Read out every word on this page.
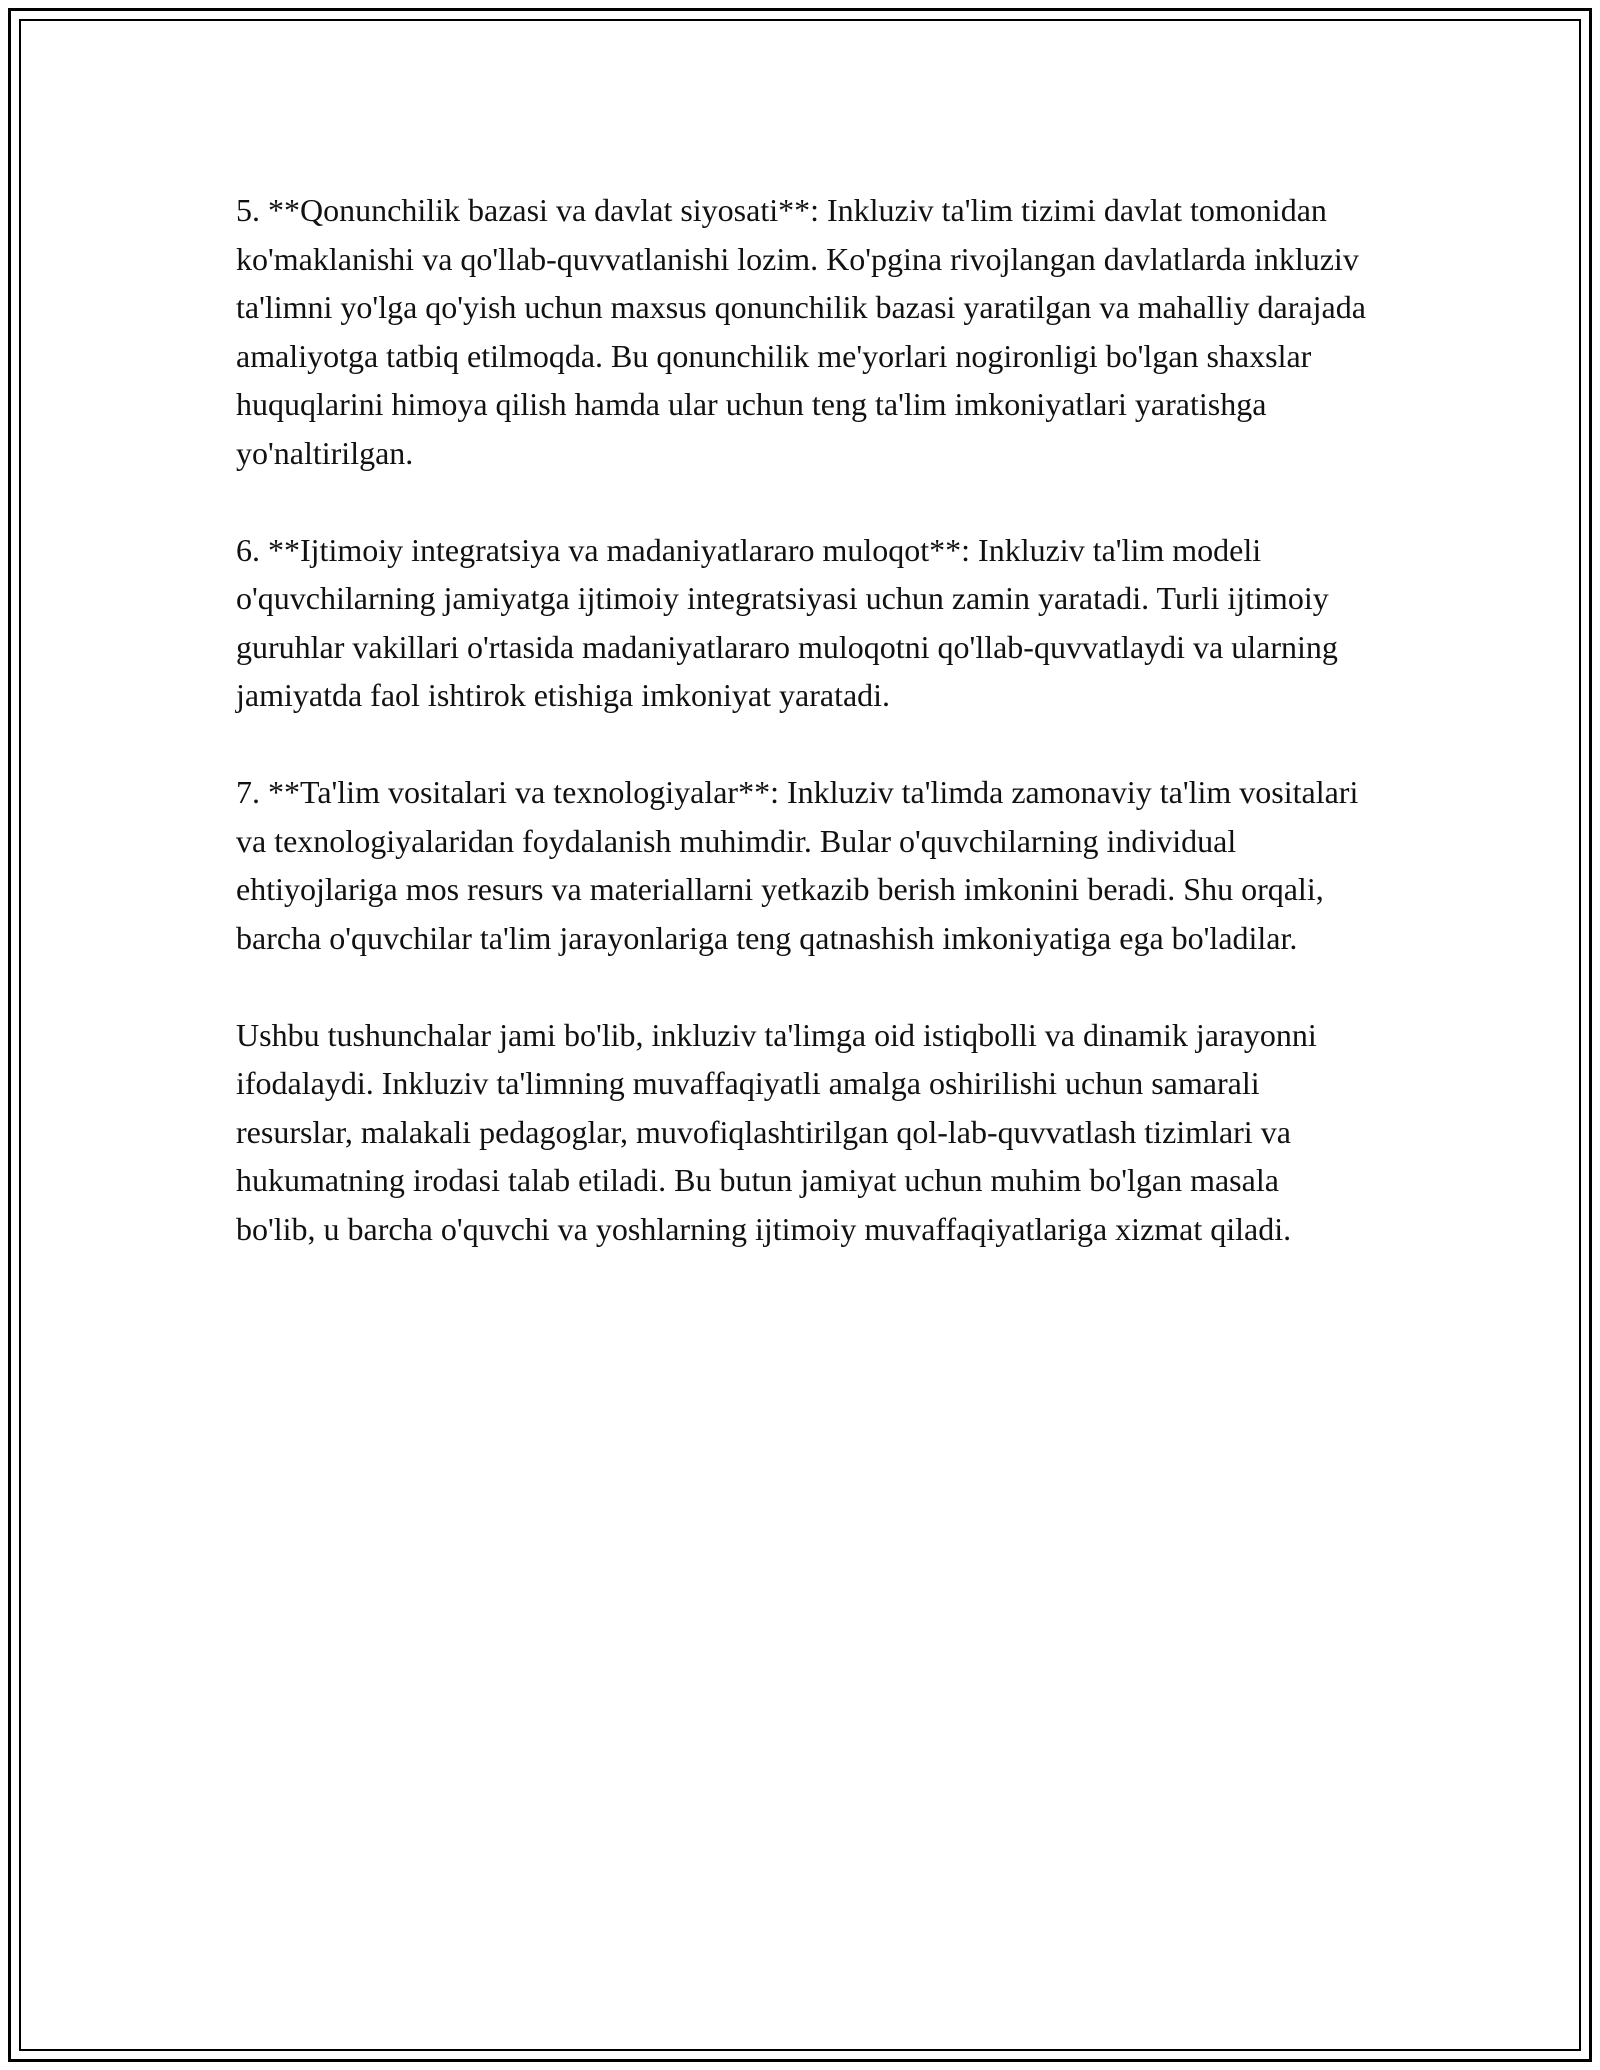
5. **Qonunchilik bazasi va davlat siyosati**: Inkluziv ta'lim tizimi davlat tomonidan ko'maklanishi va qo'llab-quvvatlanishi lozim. Ko'pgina rivojlangan davlatlarda inkluziv ta'limni yo'lga qo'yish uchun maxsus qonunchilik bazasi yaratilgan va mahalliy darajada amaliyotga tatbiq etilmoqda. Bu qonunchilik me'yorlari nogironligi bo'lgan shaxslar huquqlarini himoya qilish hamda ular uchun teng ta'lim imkoniyatlari yaratishga yo'naltirilgan.

6. **Ijtimoiy integratsiya va madaniyatlararo muloqot**: Inkluziv ta'lim modeli o'quvchilarning jamiyatga ijtimoiy integratsiyasi uchun zamin yaratadi. Turli ijtimoiy guruhlar vakillari o'rtasida madaniyatlararo muloqotni qo'llab-quvvatlaydi va ularning jamiyatda faol ishtirok etishiga imkoniyat yaratadi.

7. **Ta'lim vositalari va texnologiyalar**: Inkluziv ta'limda zamonaviy ta'lim vositalari va texnologiyalaridan foydalanish muhimdir. Bular o'quvchilarning individual ehtiyojlariga mos resurs va materiallarni yetkazib berish imkonini beradi. Shu orqali, barcha o'quvchilar ta'lim jarayonlariga teng qatnashish imkoniyatiga ega bo'ladilar.

Ushbu tushunchalar jami bo'lib, inkluziv ta'limga oid istiqbolli va dinamik jarayonni ifodalaydi. Inkluziv ta'limning muvaffaqiyatli amalga oshirilishi uchun samarali resurslar, malakali pedagoglar, muvofiqlashtirilgan qol-lab-quvvatlash tizimlari va hukumatning irodasi talab etiladi. Bu butun jamiyat uchun muhim bo'lgan masala bo'lib, u barcha o'quvchi va yoshlarning ijtimoiy muvaffaqiyatlariga xizmat qiladi.
